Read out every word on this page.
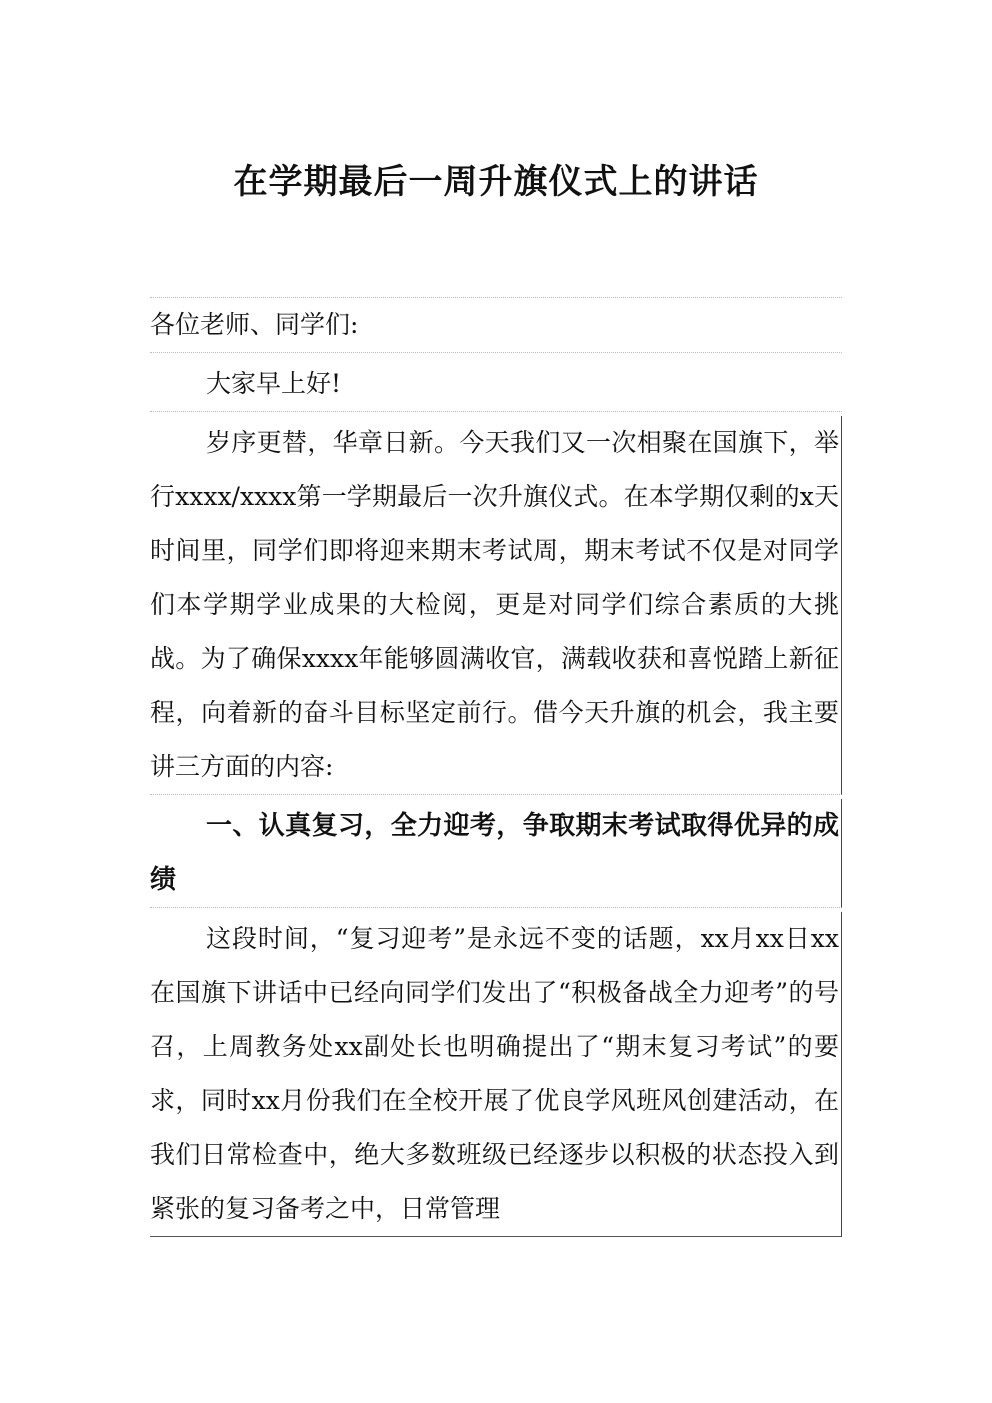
在学期最后一周升旗仪式上的讲话

各位老师、同学们:

大家早上好!

岁序更替，华章日新。今天我们又一次相聚在国旗下，举行xxxx/xxxx第一学期最后一次升旗仪式。在本学期仅剩的x天时间里，同学们即将迎来期末考试周，期末考试不仅是对同学们本学期学业成果的大检阅，更是对同学们综合素质的大挑战。为了确保xxxx年能够圆满收官，满载收获和喜悦踏上新征程，向着新的奋斗目标坚定前行。借今天升旗的机会，我主要讲三方面的内容:

一、认真复习，全力迎考，争取期末考试取得优异的成绩

这段时间，“复习迎考”是永远不变的话题，xx月xx日xx在国旗下讲话中已经向同学们发出了“积极备战全力迎考”的号召，上周教务处xx副处长也明确提出了“期末复习考试”的要求，同时xx月份我们在全校开展了优良学风班风创建活动，在我们日常检查中，绝大多数班级已经逐步以积极的状态投入到紧张的复习备考之中，日常管理
